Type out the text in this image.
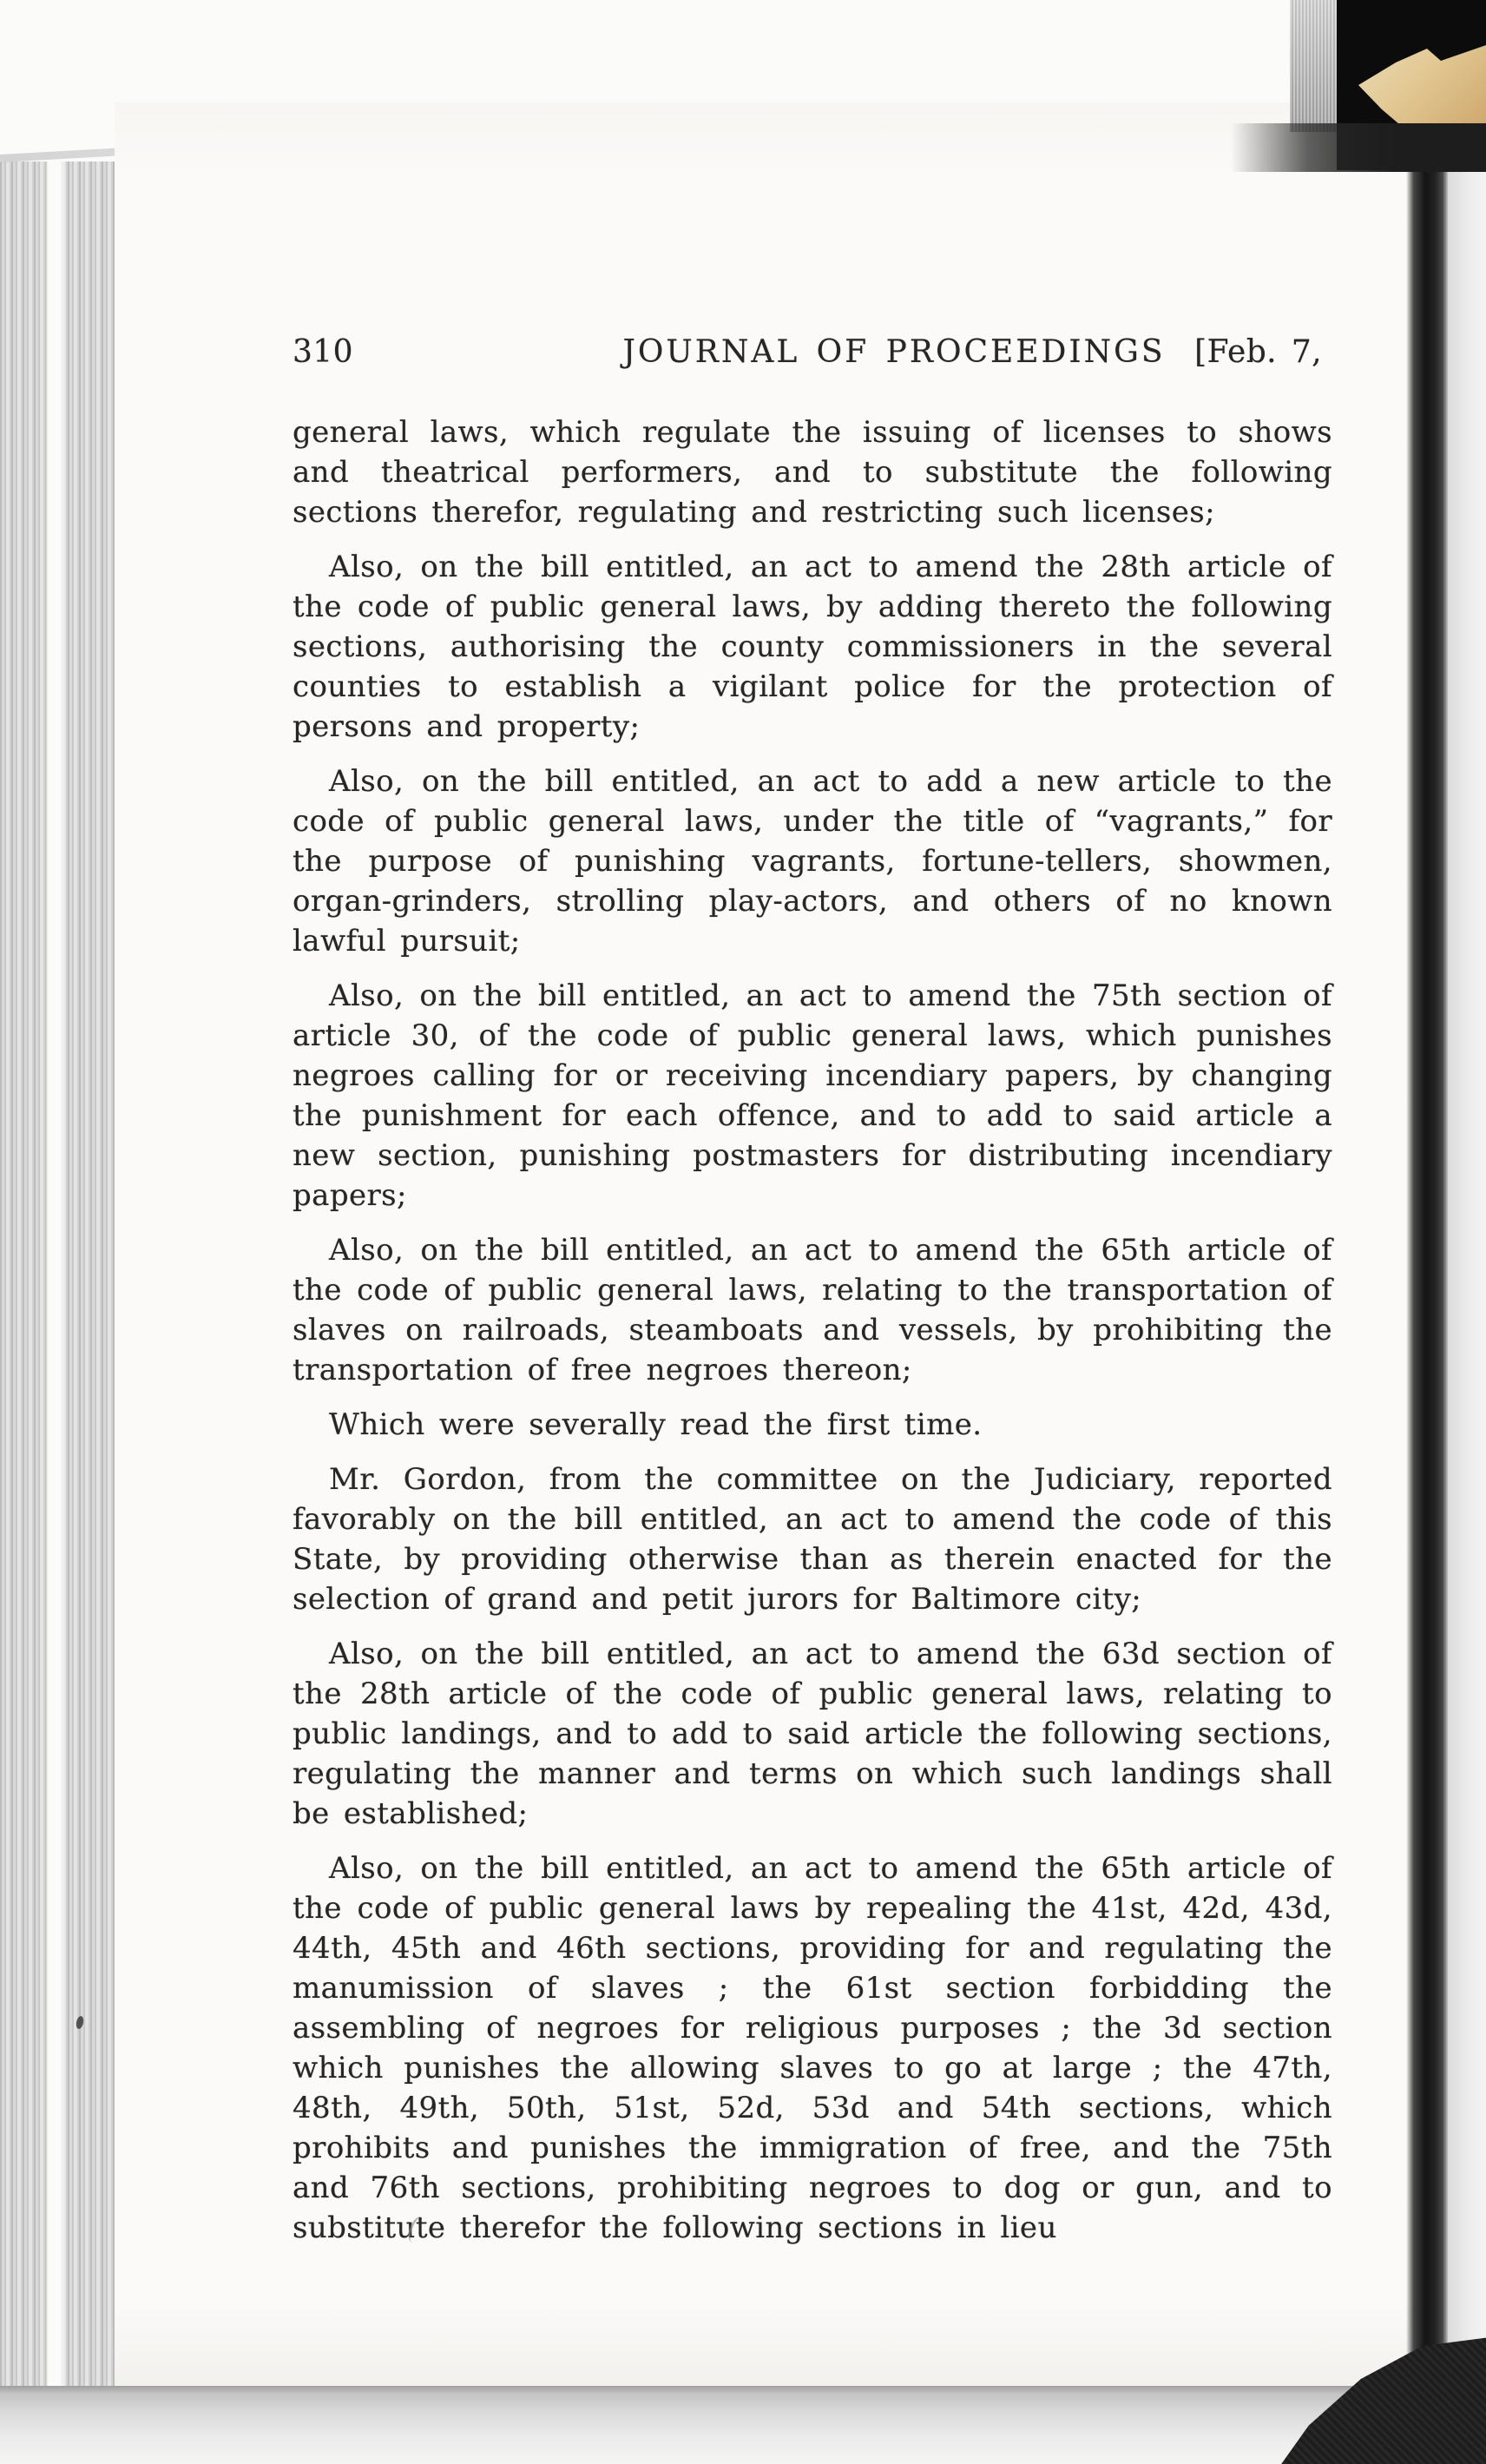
310	JOURNAL OF PROCEEDINGS [Feb. 7,

general laws, which regulate the issuing of licenses to shows and theatrical performers, and to substitute the following sections therefor, regulating and restricting such licenses;

Also, on the bill entitled, an act to amend the 28th article of the code of public general laws, by adding thereto the following sections, authorising the county commissioners in the several counties to establish a vigilant police for the protection of persons and property;

Also, on the bill entitled, an act to add a new article to the code of public general laws, under the title of “vagrants,” for the purpose of punishing vagrants, fortune-tellers, showmen, organ-grinders, strolling play-actors, and others of no known lawful pursuit;

Also, on the bill entitled, an act to amend the 75th section of article 30, of the code of public general laws, which punishes negroes calling for or receiving incendiary papers, by changing the punishment for each offence, and to add to said article a new section, punishing postmasters for distributing incendiary papers;

Also, on the bill entitled, an act to amend the 65th article of the code of public general laws, relating to the transportation of slaves on railroads, steamboats and vessels, by prohibiting the transportation of free negroes thereon;

Which were severally read the first time.

Mr. Gordon, from the committee on the Judiciary, reported favorably on the bill entitled, an act to amend the code of this State, by providing otherwise than as therein enacted for the selection of grand and petit jurors for Baltimore city;

Also, on the bill entitled, an act to amend the 63d section of the 28th article of the code of public general laws, relating to public landings, and to add to said article the following sections, regulating the manner and terms on which such landings shall be established;

Also, on the bill entitled, an act to amend the 65th article of the code of public general laws by repealing the 41st, 42d, 43d, 44th, 45th and 46th sections, providing for and regulating the manumission of slaves ; the 61st section forbidding the assembling of negroes for religious purposes ; the 3d section which punishes the allowing slaves to go at large ; the 47th, 48th, 49th, 50th, 51st, 52d, 53d and 54th sections, which prohibits and punishes the immigration of free, and the 75th and 76th sections, prohibiting negroes to dog or gun, and to substitute therefor the following sections in lieu
